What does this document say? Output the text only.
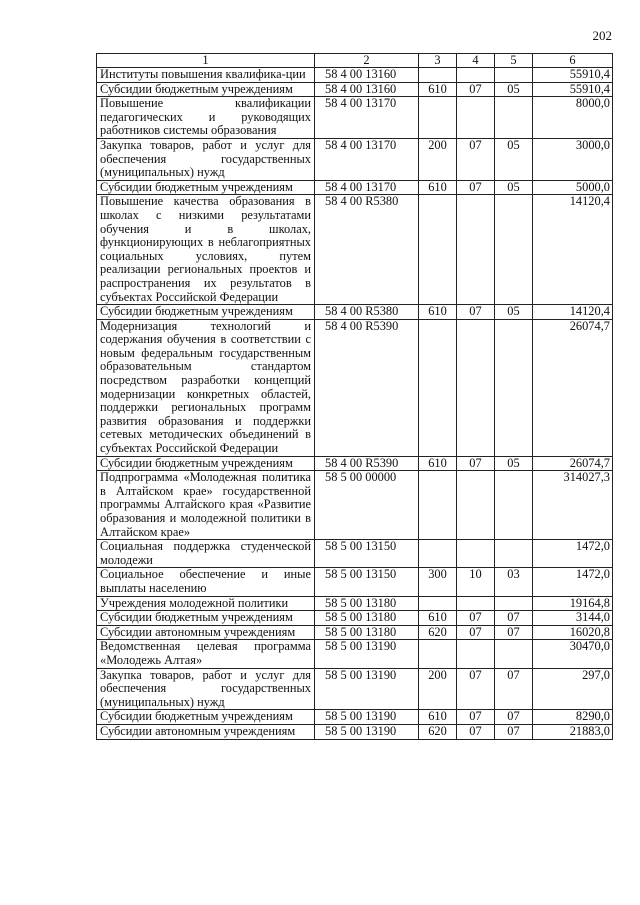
202
1	2	3	4	5	6
Институты повышения квалифика-ции	58 4 00 13160				55910,4
Субсидии бюджетным учреждениям	58 4 00 13160	610	07	05	55910,4
Повышение квалификации педагогических и руководящих работников системы образования	58 4 00 13170				8000,0
Закупка товаров, работ и услуг для обеспечения государственных (муниципальных) нужд	58 4 00 13170	200	07	05	3000,0
Субсидии бюджетным учреждениям	58 4 00 13170	610	07	05	5000,0
Повышение качества образования в школах с низкими результатами обучения и в школах, функционирующих в неблагоприятных социальных условиях, путем реализации региональных проектов и распространения их результатов в субъектах Российской Федерации	58 4 00 R5380				14120,4
Субсидии бюджетным учреждениям	58 4 00 R5380	610	07	05	14120,4
Модернизация технологий и содержания обучения в соответствии с новым федеральным государственным образовательным стандартом посредством разработки концепций модернизации конкретных областей, поддержки региональных программ развития образования и поддержки сетевых методических объединений в субъектах Российской Федерации	58 4 00 R5390				26074,7
Субсидии бюджетным учреждениям	58 4 00 R5390	610	07	05	26074,7
Подпрограмма «Молодежная политика в Алтайском крае» государственной программы Алтайского края «Развитие образования и молодежной политики в Алтайском крае»	58 5 00 00000				314027,3
Социальная поддержка студенческой молодежи	58 5 00 13150				1472,0
Социальное обеспечение и иные выплаты населению	58 5 00 13150	300	10	03	1472,0
Учреждения молодежной политики	58 5 00 13180				19164,8
Субсидии бюджетным учреждениям	58 5 00 13180	610	07	07	3144,0
Субсидии автономным учреждениям	58 5 00 13180	620	07	07	16020,8
Ведомственная целевая программа «Молодежь Алтая»	58 5 00 13190				30470,0
Закупка товаров, работ и услуг для обеспечения государственных (муниципальных) нужд	58 5 00 13190	200	07	07	297,0
Субсидии бюджетным учреждениям	58 5 00 13190	610	07	07	8290,0
Субсидии автономным учреждениям	58 5 00 13190	620	07	07	21883,0
